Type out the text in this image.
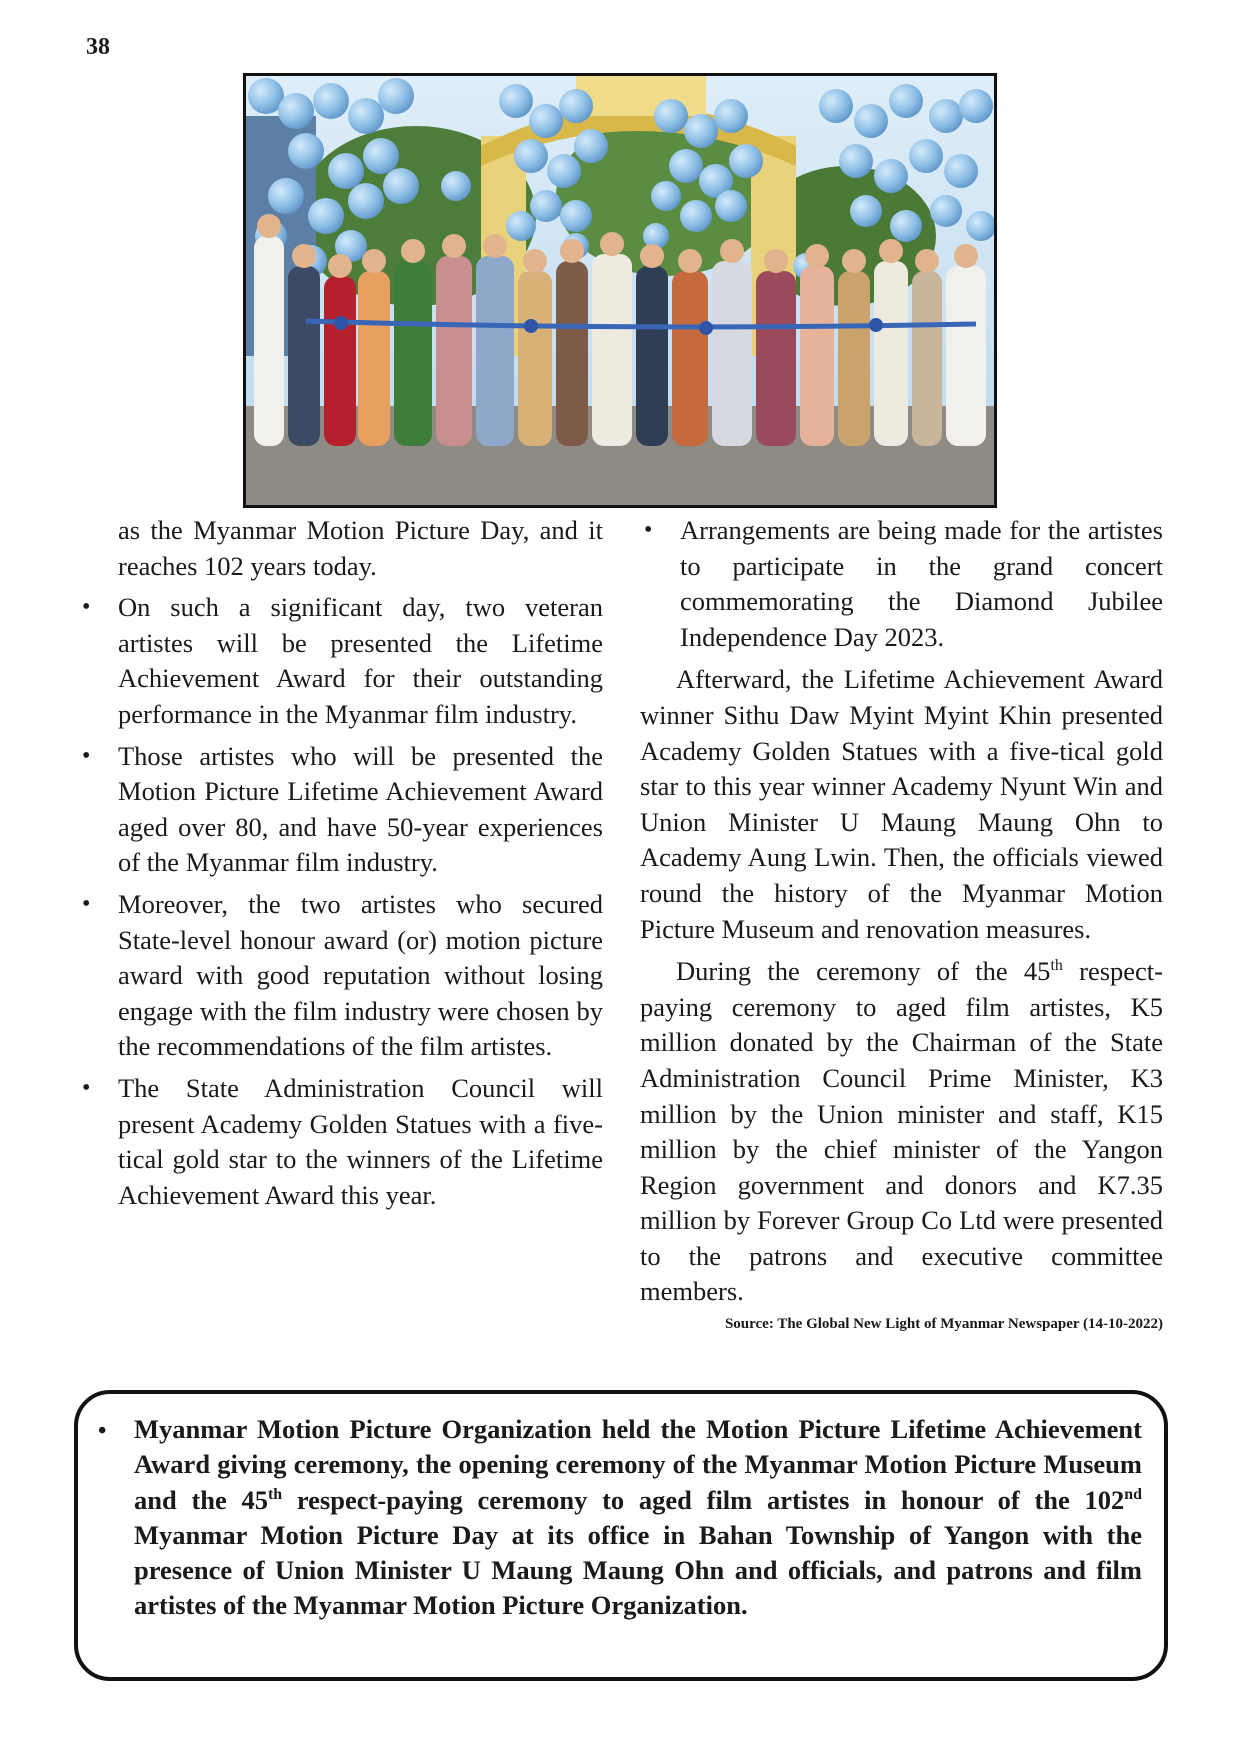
38

as the Myanmar Motion Picture Day, and it reaches 102 years today.

• On such a significant day, two veteran artistes will be presented the Lifetime Achievement Award for their outstanding performance in the Myanmar film industry.
• Those artistes who will be presented the Motion Picture Lifetime Achievement Award aged over 80, and have 50-year experiences of the Myanmar film industry.
• Moreover, the two artistes who secured State-level honour award (or) motion picture award with good reputation without losing engage with the film industry were chosen by the recommendations of the film artistes.
• The State Administration Council will present Academy Golden Statues with a five-tical gold star to the winners of the Lifetime Achievement Award this year.
• Arrangements are being made for the artistes to participate in the grand concert commemorating the Diamond Jubilee Independence Day 2023.

Afterward, the Lifetime Achievement Award winner Sithu Daw Myint Myint Khin presented Academy Golden Statues with a five-tical gold star to this year winner Academy Nyunt Win and Union Minister U Maung Maung Ohn to Academy Aung Lwin. Then, the officials viewed round the history of the Myanmar Motion Picture Museum and renovation measures.

During the ceremony of the 45th respect-paying ceremony to aged film artistes, K5 million donated by the Chairman of the State Administration Council Prime Minister, K3 million by the Union minister and staff, K15 million by the chief minister of the Yangon Region government and donors and K7.35 million by Forever Group Co Ltd were presented to the patrons and executive committee members.

Source: The Global New Light of Myanmar Newspaper (14-10-2022)

• Myanmar Motion Picture Organization held the Motion Picture Lifetime Achievement Award giving ceremony, the opening ceremony of the Myanmar Motion Picture Museum and the 45th respect-paying ceremony to aged film artistes in honour of the 102nd Myanmar Motion Picture Day at its office in Bahan Township of Yangon with the presence of Union Minister U Maung Maung Ohn and officials, and patrons and film artistes of the Myanmar Motion Picture Organization.
